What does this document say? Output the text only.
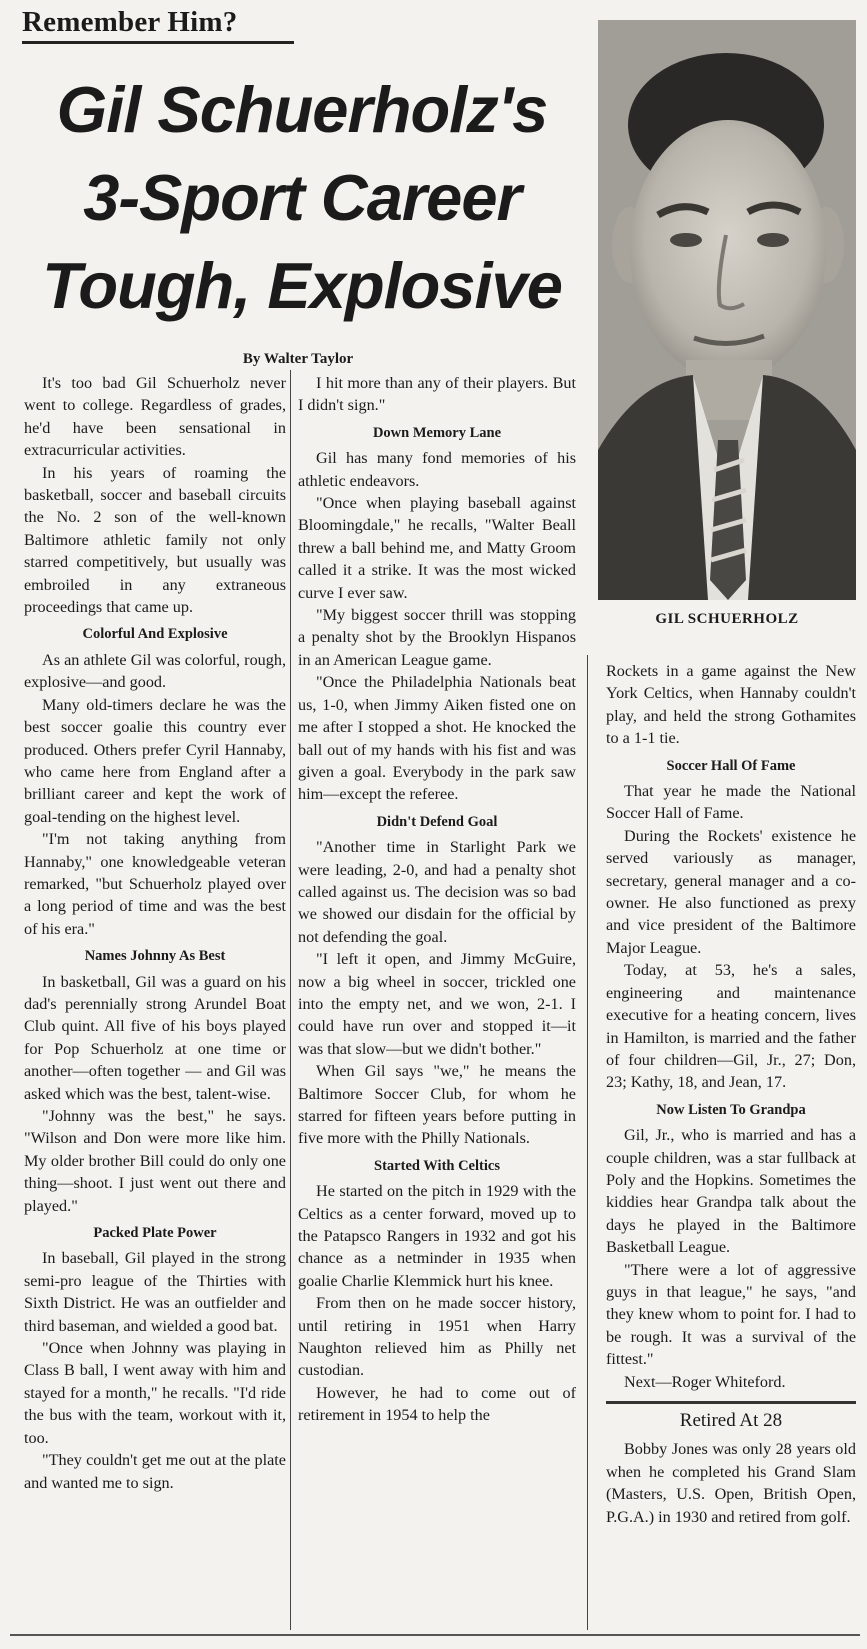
Remember Him?
Gil Schuerholz's
3-Sport Career
Tough, Explosive
By Walter Taylor
GIL SCHUERHOLZ

It's too bad Gil Schuerholz never went to college. Regardless of grades, he'd have been sensational in extracurricular activities.

In his years of roaming the basketball, soccer and baseball circuits the No. 2 son of the well-known Baltimore athletic family not only starred competitively, but usually was embroiled in any extraneous proceedings that came up.

Colorful And Explosive

As an athlete Gil was colorful, rough, explosive—and good.

Many old-timers declare he was the best soccer goalie this country ever produced. Others prefer Cyril Hannaby, who came here from England after a brilliant career and kept the work of goal-tending on the highest level.

"I'm not taking anything from Hannaby," one knowledgeable veteran remarked, "but Schuerholz played over a long period of time and was the best of his era."

Names Johnny As Best

In basketball, Gil was a guard on his dad's perennially strong Arundel Boat Club quint. All five of his boys played for Pop Schuerholz at one time or another—often together — and Gil was asked which was the best, talent-wise.

"Johnny was the best," he says. "Wilson and Don were more like him. My older brother Bill could do only one thing—shoot. I just went out there and played."

Packed Plate Power

In baseball, Gil played in the strong semi-pro league of the Thirties with Sixth District. He was an outfielder and third baseman, and wielded a good bat.

"Once when Johnny was playing in Class B ball, I went away with him and stayed for a month," he recalls. "I'd ride the bus with the team, workout with it, too.

"They couldn't get me out at the plate and wanted me to sign.

I hit more than any of their players. But I didn't sign."

Down Memory Lane

Gil has many fond memories of his athletic endeavors.

"Once when playing baseball against Bloomingdale," he recalls, "Walter Beall threw a ball behind me, and Matty Groom called it a strike. It was the most wicked curve I ever saw.

"My biggest soccer thrill was stopping a penalty shot by the Brooklyn Hispanos in an American League game.

"Once the Philadelphia Nationals beat us, 1-0, when Jimmy Aiken fisted one on me after I stopped a shot. He knocked the ball out of my hands with his fist and was given a goal. Everybody in the park saw him—except the referee.

Didn't Defend Goal

"Another time in Starlight Park we were leading, 2-0, and had a penalty shot called against us. The decision was so bad we showed our disdain for the official by not defending the goal.

"I left it open, and Jimmy McGuire, now a big wheel in soccer, trickled one into the empty net, and we won, 2-1. I could have run over and stopped it—it was that slow—but we didn't bother."

When Gil says "we," he means the Baltimore Soccer Club, for whom he starred for fifteen years before putting in five more with the Philly Nationals.

Started With Celtics

He started on the pitch in 1929 with the Celtics as a center forward, moved up to the Patapsco Rangers in 1932 and got his chance as a netminder in 1935 when goalie Charlie Klemmick hurt his knee.

From then on he made soccer history, until retiring in 1951 when Harry Naughton relieved him as Philly net custodian.

However, he had to come out of retirement in 1954 to help the

Rockets in a game against the New York Celtics, when Hannaby couldn't play, and held the strong Gothamites to a 1-1 tie.

Soccer Hall Of Fame

That year he made the National Soccer Hall of Fame.

During the Rockets' existence he served variously as manager, secretary, general manager and a co-owner. He also functioned as prexy and vice president of the Baltimore Major League.

Today, at 53, he's a sales, engineering and maintenance executive for a heating concern, lives in Hamilton, is married and the father of four children—Gil, Jr., 27; Don, 23; Kathy, 18, and Jean, 17.

Now Listen To Grandpa

Gil, Jr., who is married and has a couple children, was a star fullback at Poly and the Hopkins. Sometimes the kiddies hear Grandpa talk about the days he played in the Baltimore Basketball League.

"There were a lot of aggressive guys in that league," he says, "and they knew whom to point for. I had to be rough. It was a survival of the fittest."

Next—Roger Whiteford.

Retired At 28

Bobby Jones was only 28 years old when he completed his Grand Slam (Masters, U.S. Open, British Open, P.G.A.) in 1930 and retired from golf.
